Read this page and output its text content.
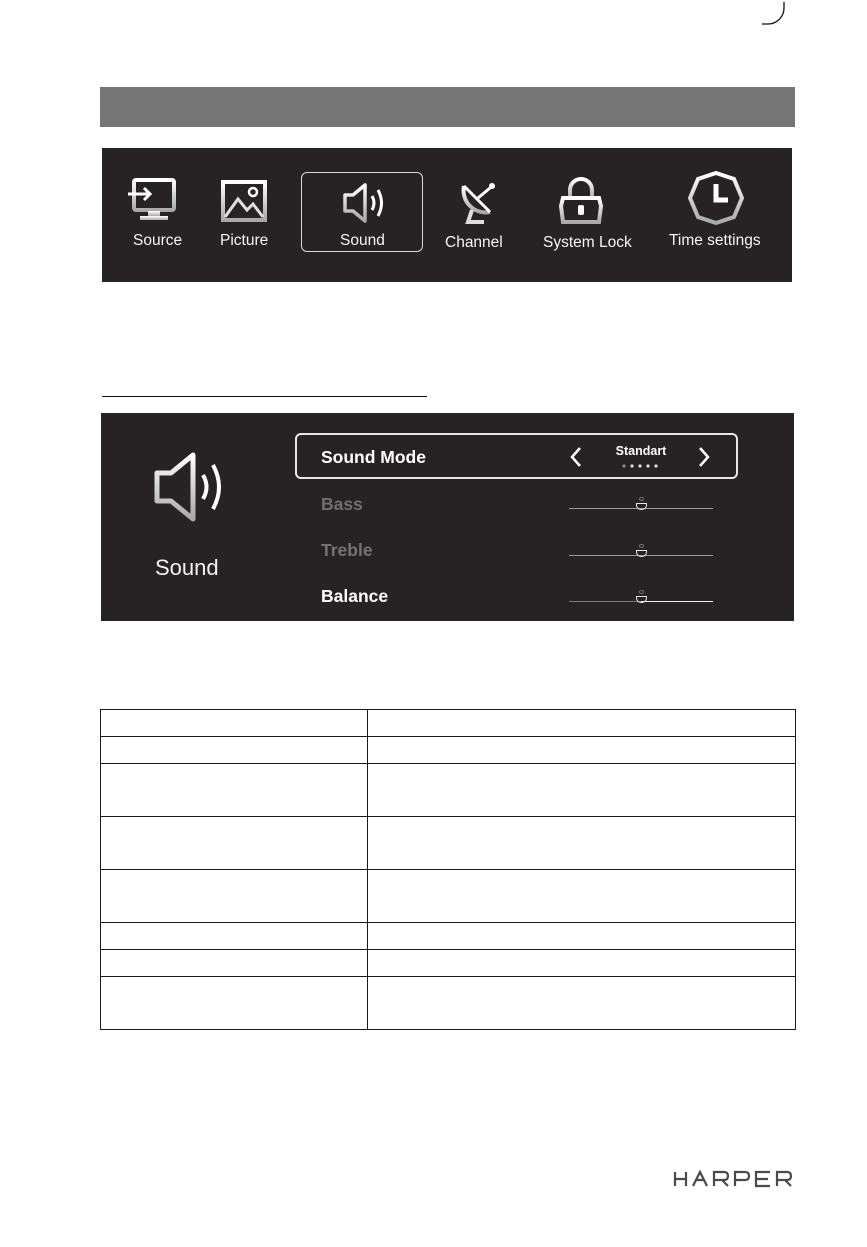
Source Picture	Sound	Channel	System Lock Time settings
Sound
Sound Mode	Standart
Bass
Treble
Balance
